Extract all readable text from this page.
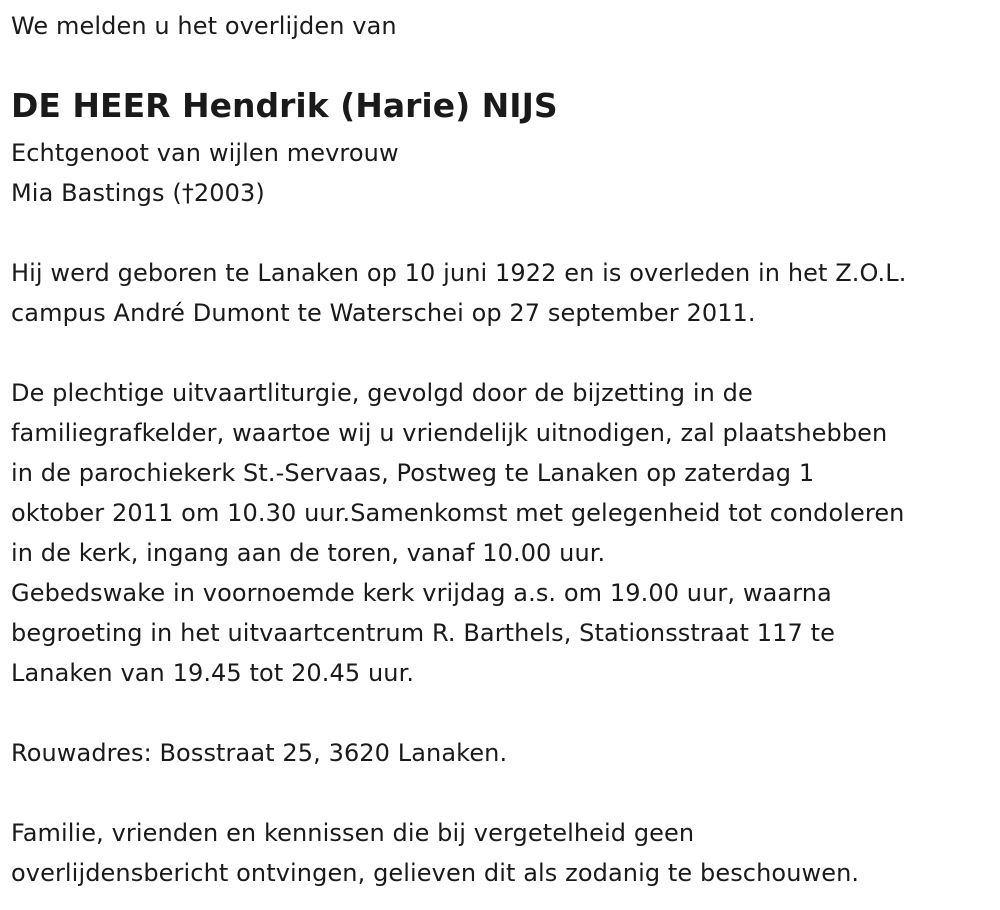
We melden u het overlijden van
DE HEER Hendrik (Harie) NIJS
Echtgenoot van wijlen mevrouw
Mia Bastings (†2003)
Hij werd geboren te Lanaken op 10 juni 1922 en is overleden in het Z.O.L.
campus André Dumont te Waterschei op 27 september 2011.
De plechtige uitvaartliturgie, gevolgd door de bijzetting in de
familiegrafkelder, waartoe wij u vriendelijk uitnodigen, zal plaatshebben
in de parochiekerk St.-Servaas, Postweg te Lanaken op zaterdag 1
oktober 2011 om 10.30 uur.Samenkomst met gelegenheid tot condoleren
in de kerk, ingang aan de toren, vanaf 10.00 uur.
Gebedswake in voornoemde kerk vrijdag a.s. om 19.00 uur, waarna
begroeting in het uitvaartcentrum R. Barthels, Stationsstraat 117 te
Lanaken van 19.45 tot 20.45 uur.
Rouwadres: Bosstraat 25, 3620 Lanaken.
Familie, vrienden en kennissen die bij vergetelheid geen
overlijdensbericht ontvingen, gelieven dit als zodanig te beschouwen.
